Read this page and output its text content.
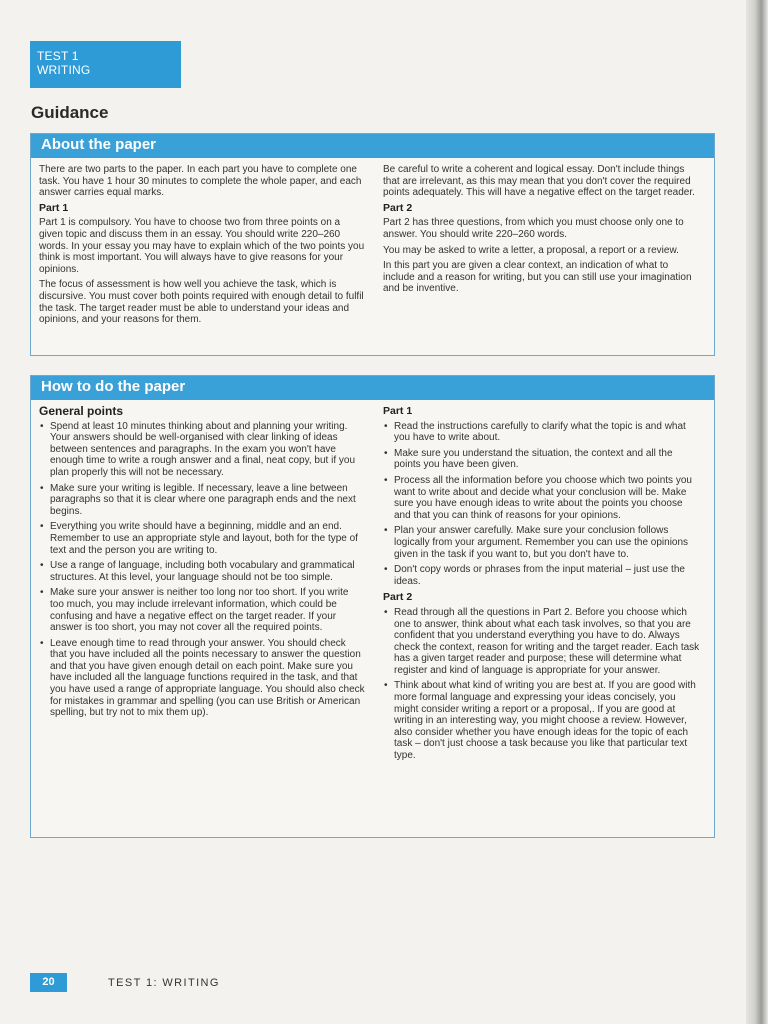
TEST 1
WRITING
Guidance
About the paper

There are two parts to the paper. In each part you have to complete one task. You have 1 hour 30 minutes to complete the whole paper, and each answer carries equal marks.

Part 1

Part 1 is compulsory. You have to choose two from three points on a given topic and discuss them in an essay. You should write 220–260 words. In your essay you may have to explain which of the two points you think is most important. You will always have to give reasons for your opinions.

The focus of assessment is how well you achieve the task, which is discursive. You must cover both points required with enough detail to fulfil the task. The target reader must be able to understand your ideas and opinions, and your reasons for them.

Be careful to write a coherent and logical essay. Don't include things that are irrelevant, as this may mean that you don't cover the required points adequately. This will have a negative effect on the target reader.

Part 2

Part 2 has three questions, from which you must choose only one to answer. You should write 220–260 words.

You may be asked to write a letter, a proposal, a report or a review.

In this part you are given a clear context, an indication of what to include and a reason for writing, but you can still use your imagination and be inventive.

How to do the paper
General points
• Spend at least 10 minutes thinking about and planning your writing. Your answers should be well-organised with clear linking of ideas between sentences and paragraphs. In the exam you won't have enough time to write a rough answer and a final, neat copy, but if you plan properly this will not be necessary.
• Make sure your writing is legible. If necessary, leave a line between paragraphs so that it is clear where one paragraph ends and the next begins.
• Everything you write should have a beginning, middle and an end. Remember to use an appropriate style and layout, both for the type of text and the person you are writing to.
• Use a range of language, including both vocabulary and grammatical structures. At this level, your language should not be too simple.
• Make sure your answer is neither too long nor too short. If you write too much, you may include irrelevant information, which could be confusing and have a negative effect on the target reader. If your answer is too short, you may not cover all the required points.
• Leave enough time to read through your answer. You should check that you have included all the points necessary to answer the question and that you have given enough detail on each point. Make sure you have included all the language functions required in the task, and that you have used a range of appropriate language. You should also check for mistakes in grammar and spelling (you can use British or American spelling, but try not to mix them up).
Part 1
• Read the instructions carefully to clarify what the topic is and what you have to write about.
• Make sure you understand the situation, the context and all the points you have been given.
• Process all the information before you choose which two points you want to write about and decide what your conclusion will be. Make sure you have enough ideas to write about the points you choose and that you can think of reasons for your opinions.
• Plan your answer carefully. Make sure your conclusion follows logically from your argument. Remember you can use the opinions given in the task if you want to, but you don't have to.
• Don't copy words or phrases from the input material – just use the ideas.
Part 2
• Read through all the questions in Part 2. Before you choose which one to answer, think about what each task involves, so that you are confident that you understand everything you have to do. Always check the context, reason for writing and the target reader. Each task has a given target reader and purpose; these will determine what register and kind of language is appropriate for your answer.
• Think about what kind of writing you are best at. If you are good with more formal language and expressing your ideas concisely, you might consider writing a report or a proposal,. If you are good at writing in an interesting way, you might choose a review. However, also consider whether you have enough ideas for the topic of each task – don't just choose a task because you like that particular text type.
20	TEST 1: WRITING
